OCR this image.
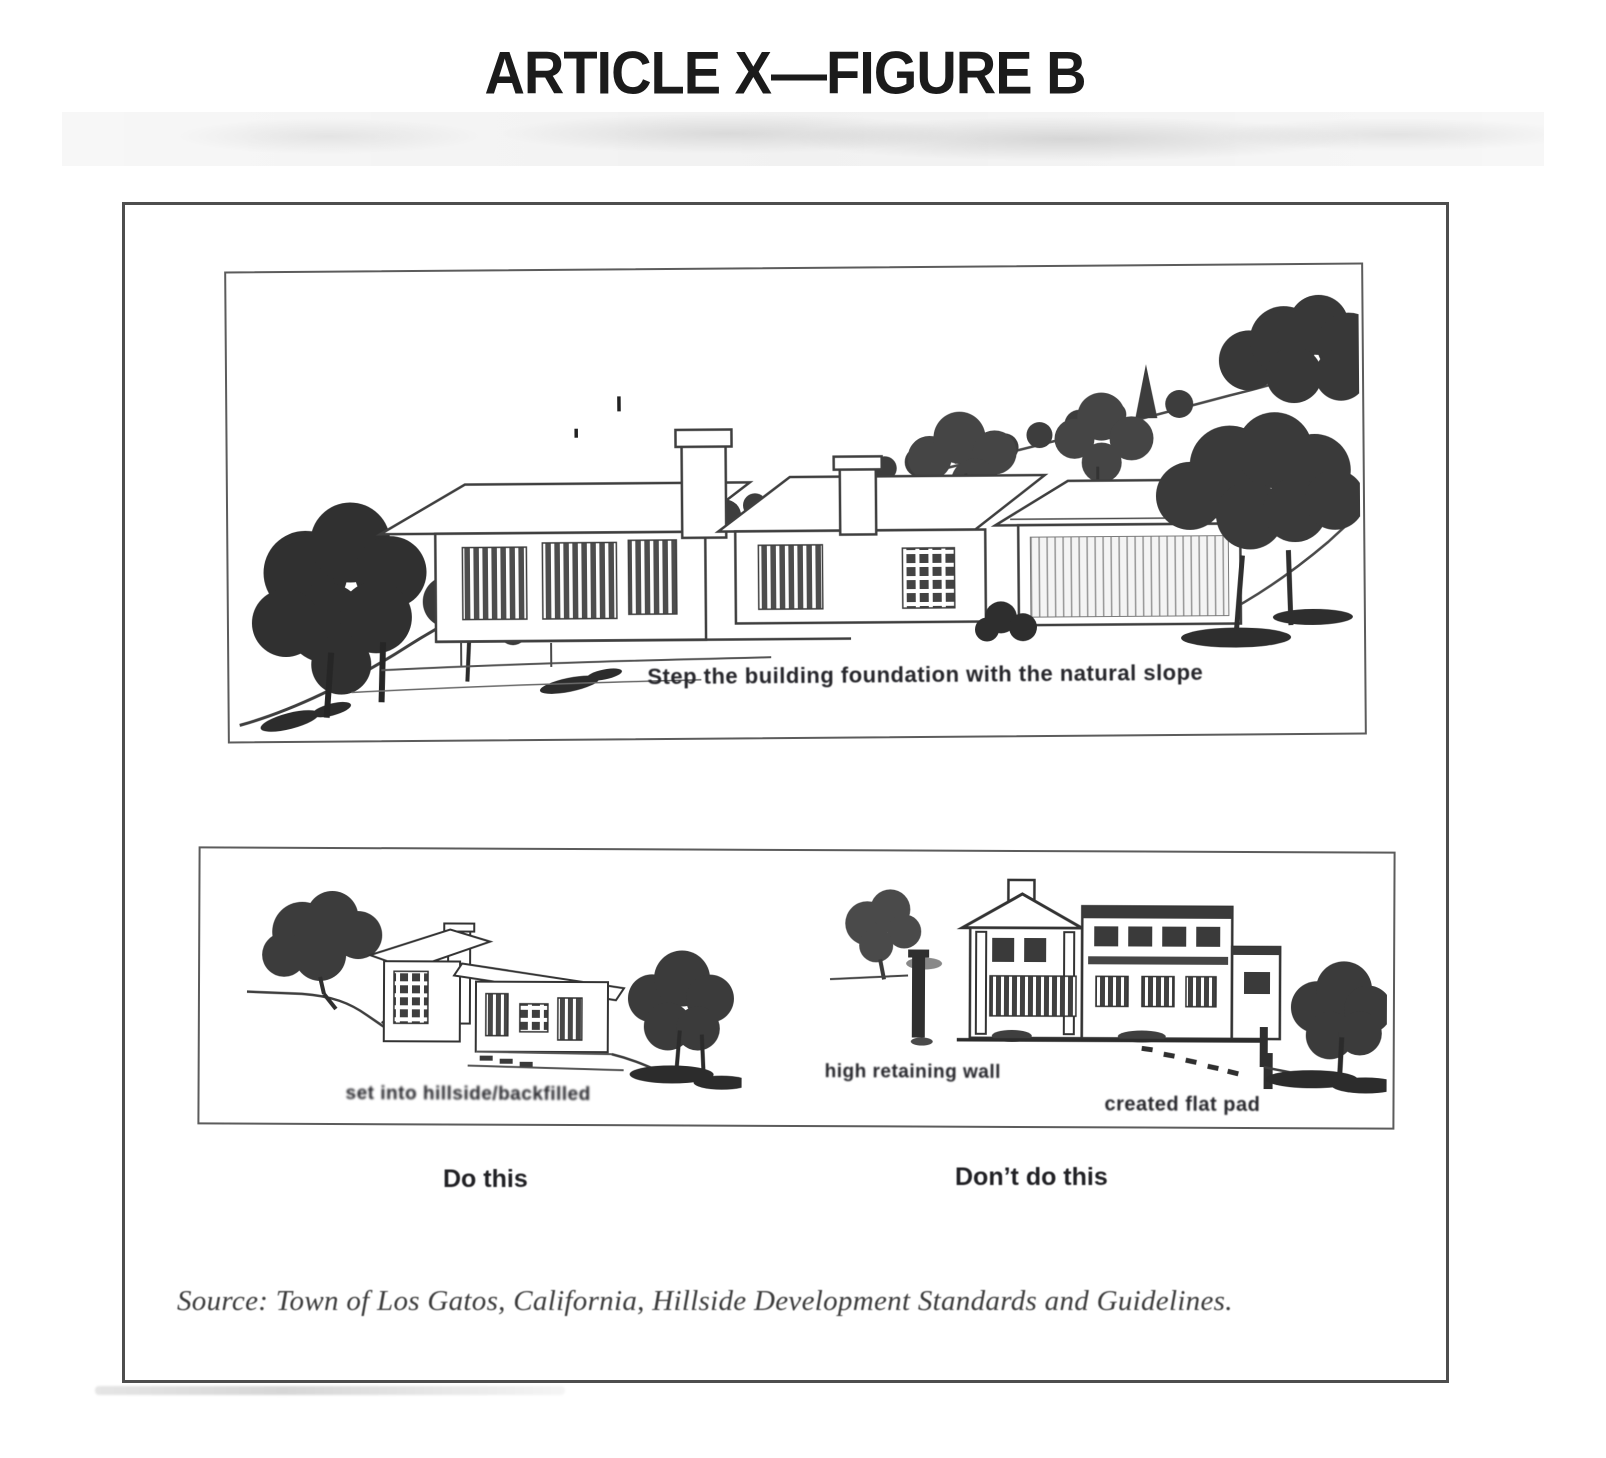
ARTICLE X—FIGURE B
Step the building foundation with the natural slope
set into hillside/backfilled
high retaining wall
created flat pad
Do this	Don’t do this
Source: Town of Los Gatos, California, Hillside Development Standards and Guidelines.
